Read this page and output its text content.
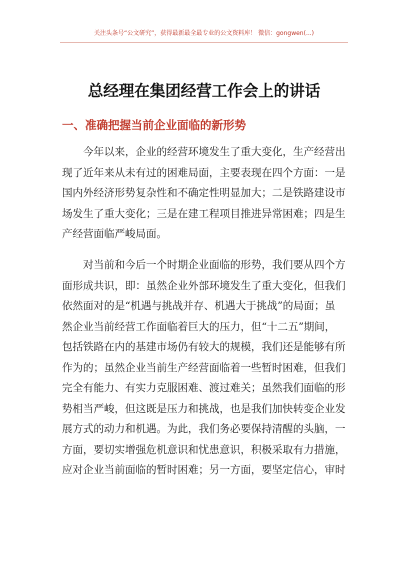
关注头条号“公文研究”，获得最新最全最专业的公文资料库！ 微信：gongwen(...)
总经理在集团经营工作会上的讲话
一、准确把握当前企业面临的新形势
今年以来，企业的经营环境发生了重大变化，生产经营出
现了近年来从未有过的困难局面，主要表现在四个方面：一是
国内外经济形势复杂性和不确定性明显加大；二是铁路建设市
场发生了重大变化；三是在建工程项目推进异常困难；四是生
产经营面临严峻局面。
对当前和今后一个时期企业面临的形势，我们要从四个方
面形成共识，即：虽然企业外部环境发生了重大变化，但我们
依然面对的是“机遇与挑战并存、机遇大于挑战”的局面；虽
然企业当前经营工作面临着巨大的压力，但“十二五”期间，
包括铁路在内的基建市场仍有较大的规模，我们还是能够有所
作为的；虽然企业当前生产经营面临着一些暂时困难，但我们
完全有能力、有实力克服困难、渡过难关；虽然我们面临的形
势相当严峻，但这既是压力和挑战，也是我们加快转变企业发
展方式的动力和机遇。为此，我们务必要保持清醒的头脑，一
方面，要切实增强危机意识和忧患意识，积极采取有力措施，
应对企业当前面临的暂时困难；另一方面，要坚定信心，审时
